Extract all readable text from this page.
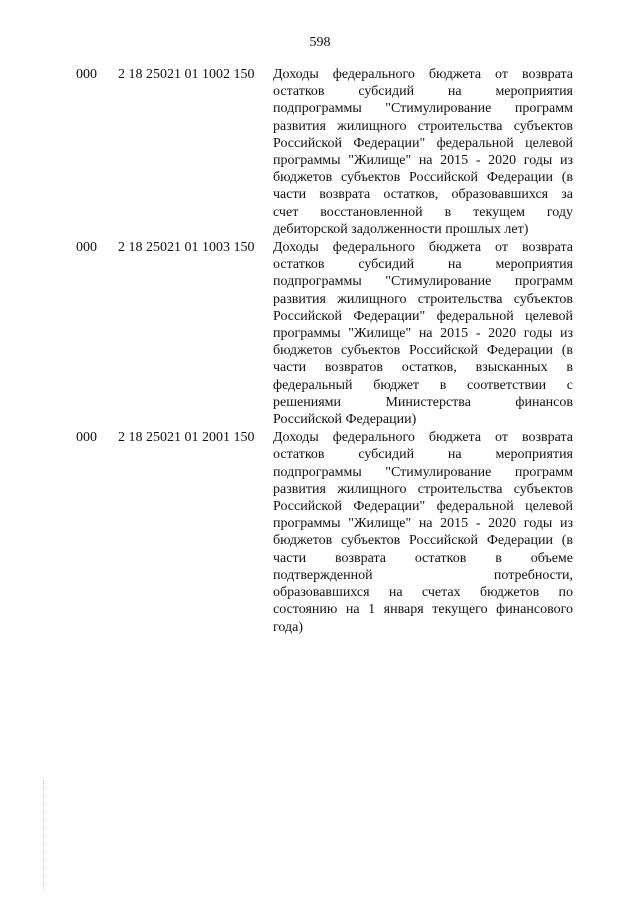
598
000 2 18 25021 01 1002 150 Доходы федерального бюджета от возврата
остатков субсидий на мероприятия
подпрограммы "Стимулирование программ
развития жилищного строительства субъектов
Российской Федерации" федеральной целевой
программы "Жилище" на 2015 - 2020 годы из
бюджетов субъектов Российской Федерации (в
части возврата остатков, образовавшихся за
счет восстановленной в текущем году
дебиторской задолженности прошлых лет)
000 2 18 25021 01 1003 150 Доходы федерального бюджета от возврата
остатков субсидий на мероприятия
подпрограммы "Стимулирование программ
развития жилищного строительства субъектов
Российской Федерации" федеральной целевой
программы "Жилище" на 2015 - 2020 годы из
бюджетов субъектов Российской Федерации (в
части возвратов остатков, взысканных в
федеральный бюджет в соответствии с
решениями Министерства финансов
Российской Федерации)
000 2 18 25021 01 2001 150 Доходы федерального бюджета от возврата
остатков субсидий на мероприятия
подпрограммы "Стимулирование программ
развития жилищного строительства субъектов
Российской Федерации" федеральной целевой
программы "Жилище" на 2015 - 2020 годы из
бюджетов субъектов Российской Федерации (в
части возврата остатков в объеме
подтвержденной потребности,
образовавшихся на счетах бюджетов по
состоянию на 1 января текущего финансового
года)
